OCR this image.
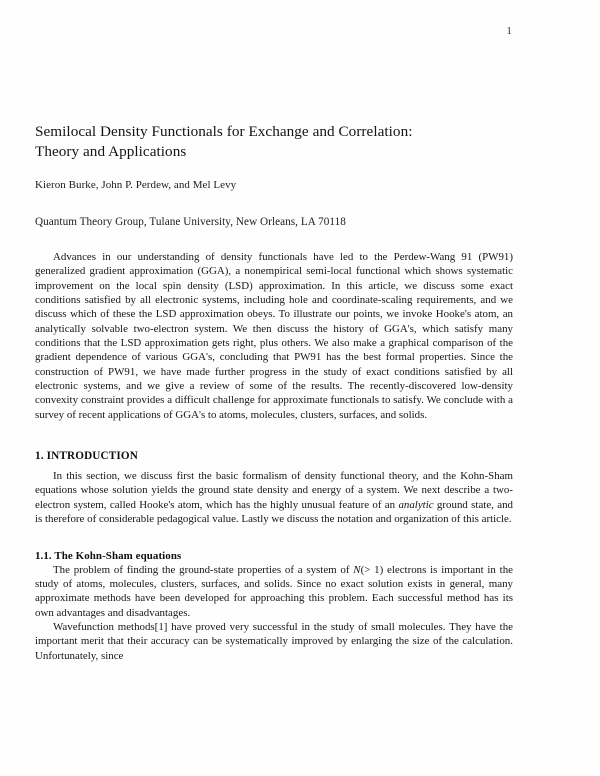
1
Semilocal Density Functionals for Exchange and Correlation:
Theory and Applications
Kieron Burke, John P. Perdew, and Mel Levy
Quantum Theory Group, Tulane University, New Orleans, LA 70118
Advances in our understanding of density functionals have led to the Perdew-Wang 91 (PW91) generalized gradient approximation (GGA), a nonempirical semi-local functional which shows systematic improvement on the local spin density (LSD) approximation. In this article, we discuss some exact conditions satisfied by all electronic systems, including hole and coordinate-scaling requirements, and we discuss which of these the LSD approximation obeys. To illustrate our points, we invoke Hooke's atom, an analytically solvable two-electron system. We then discuss the history of GGA's, which satisfy many conditions that the LSD approximation gets right, plus others. We also make a graphical comparison of the gradient dependence of various GGA's, concluding that PW91 has the best formal properties. Since the construction of PW91, we have made further progress in the study of exact conditions satisfied by all electronic systems, and we give a review of some of the results. The recently-discovered low-density convexity constraint provides a difficult challenge for approximate functionals to satisfy. We conclude with a survey of recent applications of GGA's to atoms, molecules, clusters, surfaces, and solids.
1. INTRODUCTION
In this section, we discuss first the basic formalism of density functional theory, and the Kohn-Sham equations whose solution yields the ground state density and energy of a system. We next describe a two-electron system, called Hooke's atom, which has the highly unusual feature of an analytic ground state, and is therefore of considerable pedagogical value. Lastly we discuss the notation and organization of this article.
1.1. The Kohn-Sham equations
The problem of finding the ground-state properties of a system of N(> 1) electrons is important in the study of atoms, molecules, clusters, surfaces, and solids. Since no exact solution exists in general, many approximate methods have been developed for approaching this problem. Each successful method has its own advantages and disadvantages.
Wavefunction methods[1] have proved very successful in the study of small molecules. They have the important merit that their accuracy can be systematically improved by enlarging the size of the calculation. Unfortunately, since
